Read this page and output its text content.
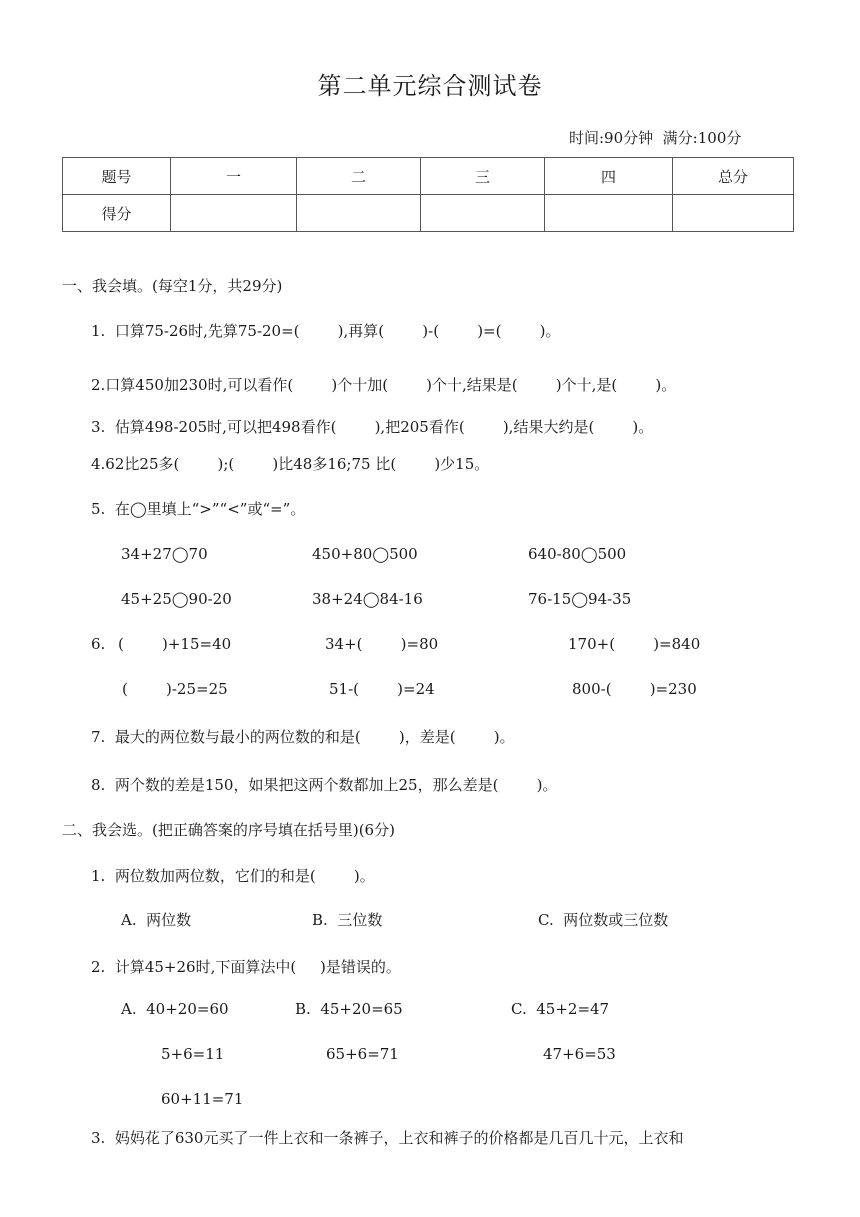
第二单元综合测试卷
时间:90分钟  满分:100分
题号	一	二	三	四	总分
得分					
一、我会填。(每空1分，共29分)
1.  口算75-26时,先算75-20=(        ),再算(        )-(        )=(        )。
2.口算450加230时,可以看作(        )个十加(        )个十,结果是(        )个十,是(        )。
3.  估算498-205时,可以把498看作(        ),把205看作(        ),结果大约是(        )。
4.62比25多(        );(        )比48多16;75 比(        )少15。
5.  在◯里填上“>”“<”或“=”。
34+27◯70	450+80◯500	640-80◯500
45+25◯90-20	38+24◯84-16	76-15◯94-35
6. (        )+15=40	34+(        )=80	170+(        )=840
(        )-25=25	51-(        )=24	800-(        )=230
7.  最大的两位数与最小的两位数的和是(        )，差是(        )。
8.  两个数的差是150，如果把这两个数都加上25，那么差是(        )。
二、我会选。(把正确答案的序号填在括号里)(6分)
1.  两位数加两位数，它们的和是(        )。
A.  两位数	B.  三位数	C.  两位数或三位数
2.  计算45+26时,下面算法中(     )是错误的。
A.  40+20=60	B.  45+20=65	C.  45+2=47
5+6=11	65+6=71	47+6=53
60+11=71
3.  妈妈花了630元买了一件上衣和一条裤子，上衣和裤子的价格都是几百几十元，上衣和
